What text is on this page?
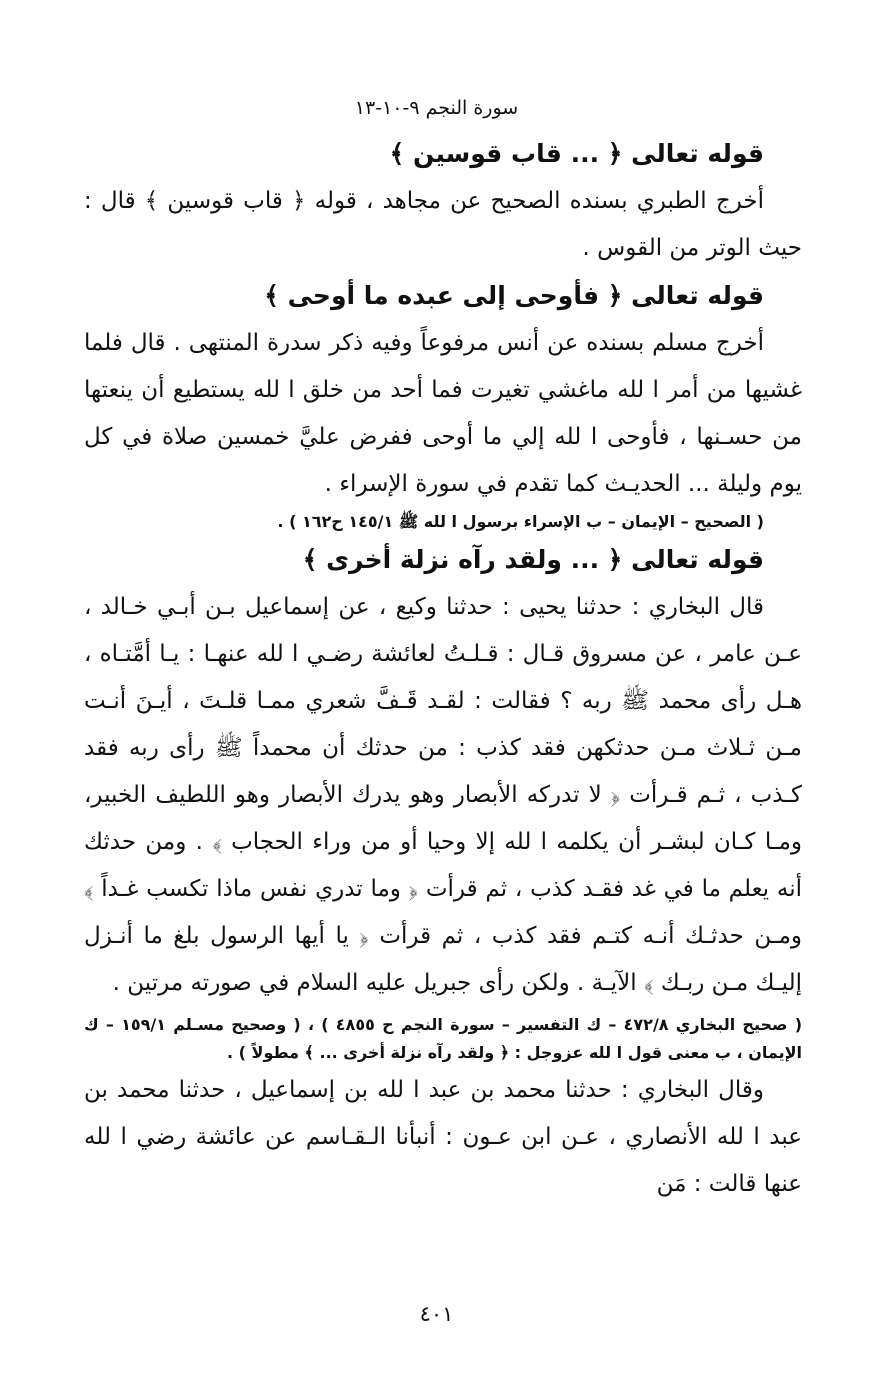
سورة النجم ٩-١٠-١٣

قوله تعالى ﴿ ... قاب قوسين ﴾

أخرج الطبري بسنده الصحيح عن مجاهد ، قوله ﴿ قاب قوسين ﴾ قال : حيث الوتر من القوس .

قوله تعالى ﴿ فأوحى إلى عبده ما أوحى ﴾

أخرج مسلم بسنده عن أنس مرفوعاً وفيه ذكر سدرة المنتهى . قال فلما غشيها من أمر ا لله ماغشي تغيرت فما أحد من خلق ا لله يستطيع أن ينعتها من حسـنها ، فأوحى ا لله إلي ما أوحى ففرض عليَّ خمسين صلاة في كل يوم وليلة ... الحديـث كما تقدم في سورة الإسراء .

( الصحيح – الإيمان – ب الإسراء برسول ا لله ﷺ ١٤٥/١ ح١٦٢ ) .

قوله تعالى ﴿ ... ولقد رآه نزلة أخرى ﴾

قال البخاري : حدثنا يحيى : حدثنا وكيع ، عن إسماعيل بـن أبـي خـالد ، عـن عامر ، عن مسروق قـال : قـلـتُ لعائشة رضـي ا لله عنهـا : يـا أمَّتـاه ، هـل رأى محمد ﷺ ربه ؟ فقالت : لقـد قَـفَّ شعري ممـا قلـتَ ، أيـنَ أنـت مـن ثـلاث مـن حدثكهن فقد كذب : من حدثك أن محمداً ﷺ رأى ربه فقد كـذب ، ثـم قـرأت ﴿ لا تدركه الأبصار وهو يدرك الأبصار وهو اللطيف الخبير، ومـا كـان لبشـر أن يكلمه ا لله إلا وحيا أو من وراء الحجاب ﴾ . ومن حدثك أنه يعلم ما في غد فقـد كذب ، ثم قرأت ﴿ وما تدري نفس ماذا تكسب غـداً ﴾ ومـن حدثـك أنـه كتـم فقد كذب ، ثم قرأت ﴿ يا أيها الرسول بلغ ما أنـزل إليـك مـن ربـك ﴾ الآيـة . ولكن رأى جبريل عليه السلام في صورته مرتين .

( صحيح البخاري ٤٧٢/٨ – ك التفسير – سورة النجم ح ٤٨٥٥ ) ، ( وصحيح مسـلم ١٥٩/١ – ك الإيمان ، ب معنى قول ا لله عزوجل : ﴿ ولقد رآه نزلة أخرى ... ﴾ مطولاً ) .

وقال البخاري : حدثنا محمد بن عبد ا لله بن إسماعيل ، حدثنا محمد بن عبد ا لله الأنصاري ، عـن ابن عـون : أنبأنا الـقـاسم عن عائشة رضي ا لله عنها قالت : مَن

٤٠١
